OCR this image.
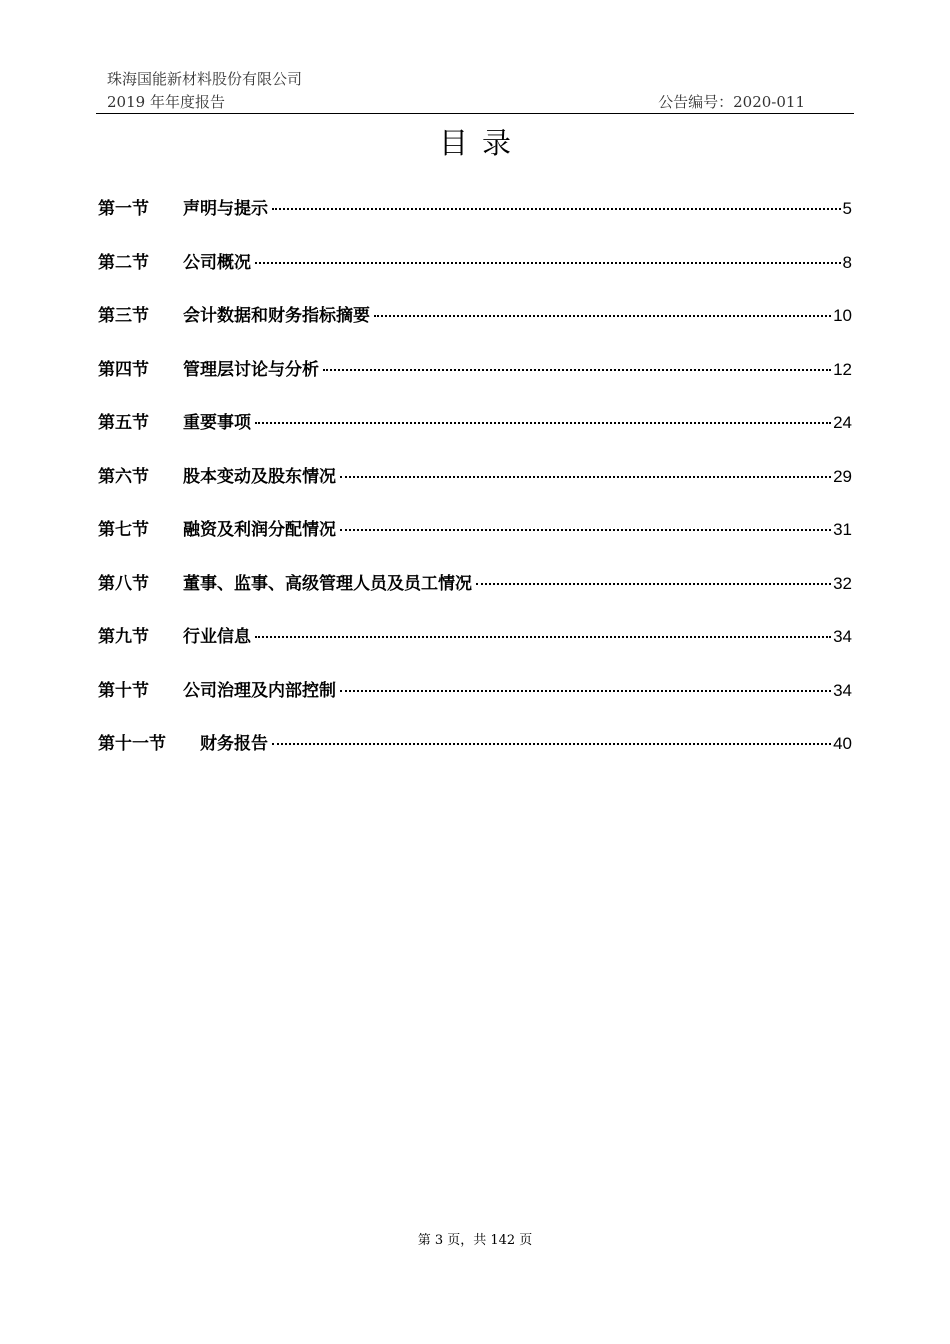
珠海国能新材料股份有限公司
2019 年年度报告	公告编号：2020-011
目录
第一节	声明与提示	5
第二节	公司概况	8
第三节	会计数据和财务指标摘要	10
第四节	管理层讨论与分析	12
第五节	重要事项	24
第六节	股本变动及股东情况	29
第七节	融资及利润分配情况	31
第八节	董事、监事、高级管理人员及员工情况	32
第九节	行业信息	34
第十节	公司治理及内部控制	34
第十一节	财务报告	40
第 3 页，共 142 页
